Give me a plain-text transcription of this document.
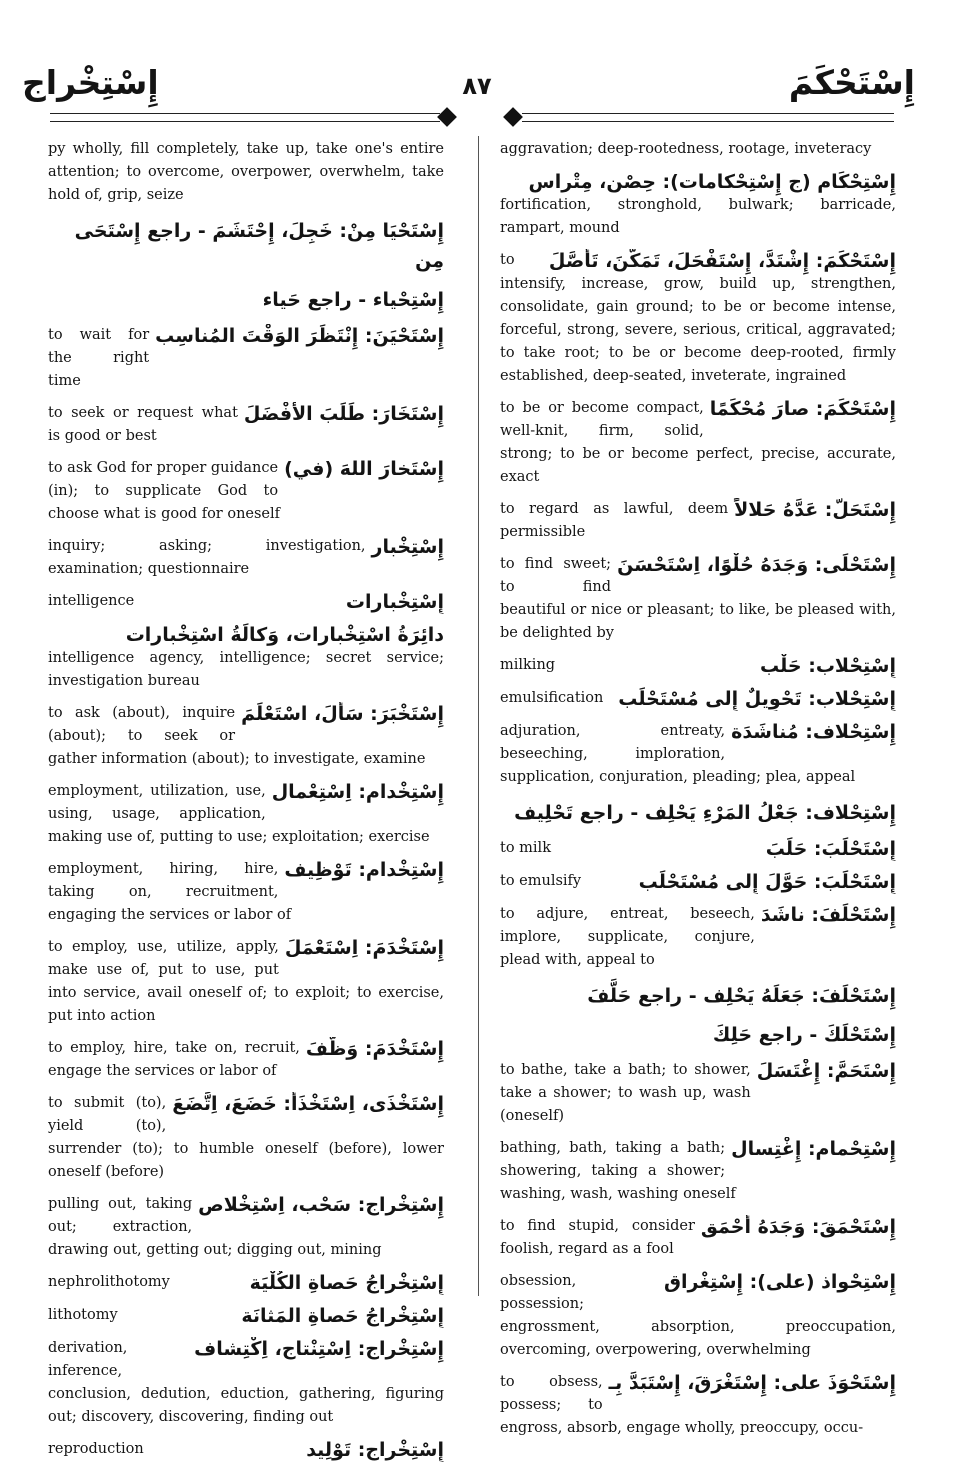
إِسْتِخْراج	٨٧	إِسْتَحْكَمَ
py wholly, fill completely, take up, take one's entire attention; to overcome, overpower, overwhelm, take hold of, grip, seize
إِسْتَحْيَا مِنْ: خَجِلَ، إِحْتَشَمَ - راجع إِسْتَحَى مِن
إِسْتِحْياء - راجع حَياء
إِسْتَحْيَنَ: إِنْتَظَرَ الوَقْتَ المُناسِب
to wait for the right time
إِسْتَخَارَ: طَلَبَ الأَفْضَلَ
to seek or request what is good or best
إِسْتَخارَ اللهَ (في)
to ask God for proper guidance (in); to supplicate God to choose what is good for oneself
إِسْتِخْبار
inquiry; asking; investigation, examination; questionnaire
إِسْتِخْبارات
intelligence
دائِرَةُ اسْتِخْبارات، وَكالَةُ اسْتِخْبارات
intelligence agency, intelligence; secret service; investigation bureau
إِسْتَخْبَرَ: سَأَلَ، اسْتَعْلَمَ
to ask (about), inquire (about); to seek or gather information (about); to investigate, examine
إِسْتِخْدام: اِسْتِعْمال
employment, utilization, use, using, usage, application, making use of, putting to use; exploitation; exercise
إِسْتِخْدام: تَوْظِيف
employment, hiring, hire, taking on, recruitment, engaging the services or labor of
إِسْتَخْدَمَ: اِسْتَعْمَلَ
to employ, use, utilize, apply, make use of, put to use, put into service, avail oneself of; to exploit; to exercise, put into action
إِسْتَخْدَمَ: وَظَّفَ
to employ, hire, take on, recruit, engage the services or labor of
إِسْتَخْذَى، اِسْتَخْذَأَ: خَضَعَ، اِتَّضَعَ
to submit (to), yield (to), surrender (to); to humble oneself (before), lower oneself (before)
إِسْتِخْراج: سَحْب، اِسْتِخْلاص
pulling out, taking out; extraction, drawing out, getting out; digging out, mining
إِسْتِخْراجُ حَصاةِ الكُلْيَة
nephrolithotomy
إِسْتِخْراجُ حَصاةِ المَثانَة
lithotomy
إِسْتِخْراج: اِسْتِنْتاج، اِكْتِشاف
derivation, inference, conclusion, dedution, eduction, gathering, figuring out; discovery, discovering, finding out
إِسْتِخْراج: تَوْلِيد
reproduction
aggravation; deep-rootedness, rootage, inveteracy
إِسْتِحْكَام (ج إِسْتِحْكامات): حِصْن، مِتْراس
fortification, stronghold, bulwark; barricade, rampart, mound
إِسْتَحْكَمَ: إِشْتَدَّ، إِسْتَفْحَلَ، تَمَكَّنَ، تَأَصَّلَ
to intensify, increase, grow, build up, strengthen, consolidate, gain ground; to be or become intense, forceful, strong, severe, serious, critical, aggravated; to take root; to be or become deep-rooted, firmly established, deep-seated, inveterate, ingrained
إِسْتَحْكَمَ: صارَ مُحْكَمًا
to be or become compact, well-knit, firm, solid, strong; to be or become perfect, precise, accurate, exact
إِسْتَحَلَّ: عَدَّهُ حَلالاً
to regard as lawful, deem permissible
إِسْتَحْلَى: وَجَدَهُ حُلْوًا، اِسْتَحْسَنَ
to find sweet; to find beautiful or nice or pleasant; to like, be pleased with, be delighted by
إِسْتِحْلاب: حَلْب
milking
إِسْتِحْلاب: تَحْوِيلٌ إِلى مُسْتَحْلَب
emulsification
إِسْتِحْلاف: مُناشَدَة
adjuration, entreaty, beseeching, imploration, supplication, conjuration, pleading; plea, appeal
إِسْتِحْلاف: جَعْلُ المَرْءِ يَحْلِف - راجع تَحْلِيف
إِسْتَحْلَبَ: حَلَبَ
to milk
إِسْتَحْلَبَ: حَوَّلَ إِلى مُسْتَحْلَب
to emulsify
إِسْتَحْلَفَ: ناشَدَ
to adjure, entreat, beseech, implore, supplicate, conjure, plead with, appeal to
إِسْتَحْلَفَ: جَعَلَهُ يَحْلِف - راجع حَلَّفَ
إِسْتَحْلَكَ - راجع حَلِكَ
إِسْتَحَمَّ: إِغْتَسَلَ
to bathe, take a bath; to shower, take a shower; to wash up, wash (oneself)
إِسْتِحْمام: إِغْتِسال
bathing, bath, taking a bath; showering, taking a shower; washing, wash, washing oneself
إِسْتَحْمَقَ: وَجَدَهُ أَحْمَق
to find stupid, consider foolish, regard as a fool
إِسْتِحْواذ (على): إِسْتِغْراق
obsession, possession; engrossment, absorption, preoccupation, overcoming, overpowering, overwhelming
إِسْتَحْوَذَ على: إِسْتَغْرَقَ، إِسْتَبَدَّ بِـ
to obsess, possess; to engross, absorb, engage wholly, preoccupy, occu-
